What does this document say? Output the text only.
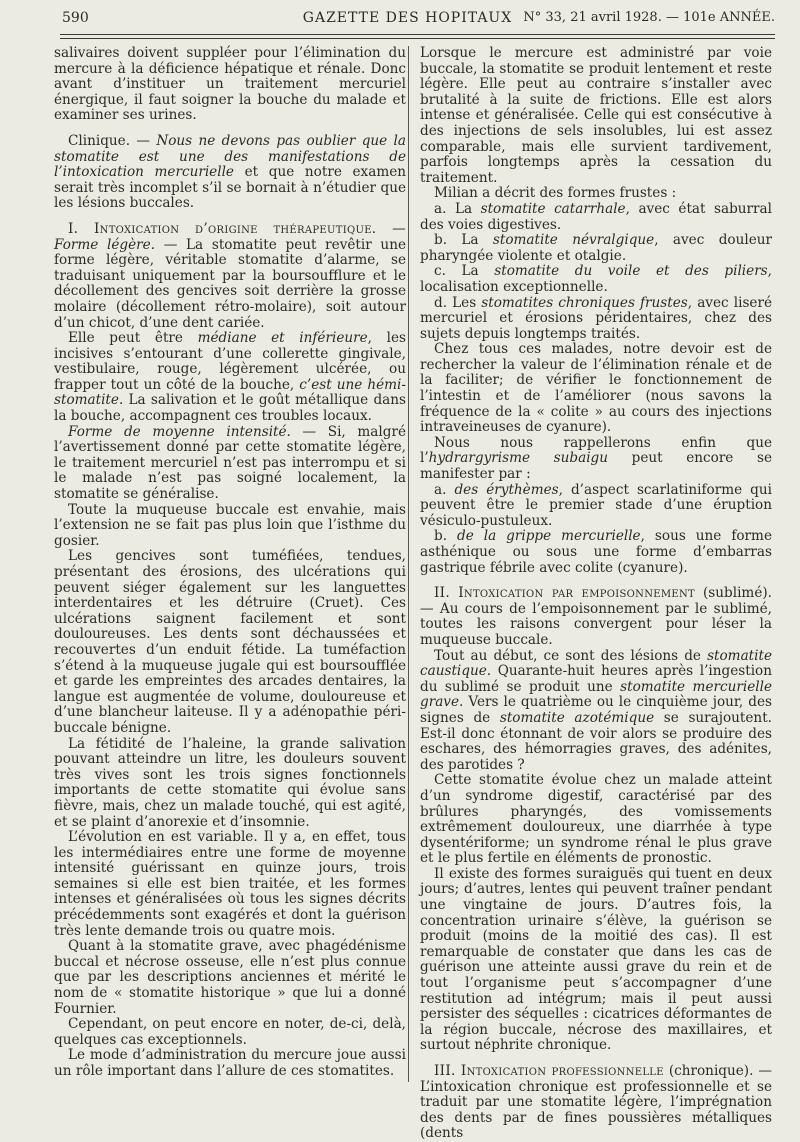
590	GAZETTE DES HOPITAUX N° 33, 21 avril 1928. — 101e ANNÉE.

salivaires doivent suppléer pour l’élimination du mercure à la déficience hépatique et rénale. Donc avant d’instituer un traitement mercuriel énergique, il faut soigner la bouche du malade et examiner ses urines.

Clinique. — Nous ne devons pas oublier que la stomatite est une des manifestations de l’intoxication mercurielle et que notre examen serait très incomplet s’il se bornait à n’étudier que les lésions buccales.

I. Intoxication d’origine thérapeutique. — Forme légère. — La stomatite peut revêtir une forme légère, véritable stomatite d’alarme, se traduisant uniquement par la boursoufflure et le décollement des gencives soit derrière la grosse molaire (décollement rétro-molaire), soit autour d’un chicot, d’une dent cariée.

Elle peut être médiane et inférieure, les incisives s’entourant d’une collerette gingivale, vestibulaire, rouge, légèrement ulcérée, ou frapper tout un côté de la bouche, c’est une hémi-stomatite. La salivation et le goût métallique dans la bouche, accompagnent ces troubles locaux.

Forme de moyenne intensité. — Si, malgré l’avertissement donné par cette stomatite légère, le traitement mercuriel n’est pas interrompu et si le malade n’est pas soigné localement, la stomatite se généralise.

Toute la muqueuse buccale est envahie, mais l’extension ne se fait pas plus loin que l’isthme du gosier.

Les gencives sont tuméfiées, tendues, présentant des érosions, des ulcérations qui peuvent siéger également sur les languettes interdentaires et les détruire (Cruet). Ces ulcérations saignent facilement et sont douloureuses. Les dents sont déchaussées et recouvertes d’un enduit fétide. La tuméfaction s’étend à la muqueuse jugale qui est boursoufflée et garde les empreintes des arcades dentaires, la langue est augmentée de volume, douloureuse et d’une blancheur laiteuse. Il y a adénopathie péri-buccale bénigne.

La fétidité de l’haleine, la grande salivation pouvant atteindre un litre, les douleurs souvent très vives sont les trois signes fonctionnels importants de cette stomatite qui évolue sans fièvre, mais, chez un malade touché, qui est agité, et se plaint d’anorexie et d’insomnie.

L’évolution en est variable. Il y a, en effet, tous les intermédiaires entre une forme de moyenne intensité guérissant en quinze jours, trois semaines si elle est bien traitée, et les formes intenses et généralisées où tous les signes décrits précédemments sont exagérés et dont la guérison très lente demande trois ou quatre mois.

Quant à la stomatite grave, avec phagédénisme buccal et nécrose osseuse, elle n’est plus connue que par les descriptions anciennes et mérité le nom de « stomatite historique » que lui a donné Fournier.

Cependant, on peut encore en noter, de-ci, delà, quelques cas exceptionnels.

Le mode d’administration du mercure joue aussi un rôle important dans l’allure de ces stomatites.

Lorsque le mercure est administré par voie buccale, la stomatite se produit lentement et reste légère. Elle peut au contraire s’installer avec brutalité à la suite de frictions. Elle est alors intense et généralisée. Celle qui est consécutive à des injections de sels insolubles, lui est assez comparable, mais elle survient tardivement, parfois longtemps après la cessation du traitement.

Milian a décrit des formes frustes :

a. La stomatite catarrhale, avec état saburral des voies digestives.

b. La stomatite névralgique, avec douleur pharyngée violente et otalgie.

c. La stomatite du voile et des piliers, localisation exceptionnelle.

d. Les stomatites chroniques frustes, avec liseré mercuriel et érosions péridentaires, chez des sujets depuis longtemps traités.

Chez tous ces malades, notre devoir est de rechercher la valeur de l’élimination rénale et de la faciliter; de vérifier le fonctionnement de l’intestin et de l’améliorer (nous savons la fréquence de la « colite » au cours des injections intraveineuses de cyanure).

Nous nous rappellerons enfin que l’hydrargyrisme subaigu peut encore se manifester par :

a. des érythèmes, d’aspect scarlatiniforme qui peuvent être le premier stade d’une éruption vésiculo-pustuleux.

b. de la grippe mercurielle, sous une forme asthénique ou sous une forme d’embarras gastrique fébrile avec colite (cyanure).

II. Intoxication par empoisonnement (sublimé). — Au cours de l’empoisonnement par le sublimé, toutes les raisons convergent pour léser la muqueuse buccale.

Tout au début, ce sont des lésions de stomatite caustique. Quarante-huit heures après l’ingestion du sublimé se produit une stomatite mercurielle grave. Vers le quatrième ou le cinquième jour, des signes de stomatite azotémique se surajoutent. Est-il donc étonnant de voir alors se produire des eschares, des hémorragies graves, des adénites, des parotides ?

Cette stomatite évolue chez un malade atteint d’un syndrome digestif, caractérisé par des brûlures pharyngés, des vomissements extrêmement douloureux, une diarrhée à type dysentériforme; un syndrome rénal le plus grave et le plus fertile en éléments de pronostic.

Il existe des formes suraiguës qui tuent en deux jours; d’autres, lentes qui peuvent traîner pendant une vingtaine de jours. D’autres fois, la concentration urinaire s’élève, la guérison se produit (moins de la moitié des cas). Il est remarquable de constater que dans les cas de guérison une atteinte aussi grave du rein et de tout l’organisme peut s’accompagner d’une restitution ad intégrum; mais il peut aussi persister des séquelles : cicatrices déformantes de la région buccale, nécrose des maxillaires, et surtout néphrite chronique.

III. Intoxication professionnelle (chronique). — L’intoxication chronique est professionnelle et se traduit par une stomatite légère, l’imprégnation des dents par de fines poussières métalliques (dents
